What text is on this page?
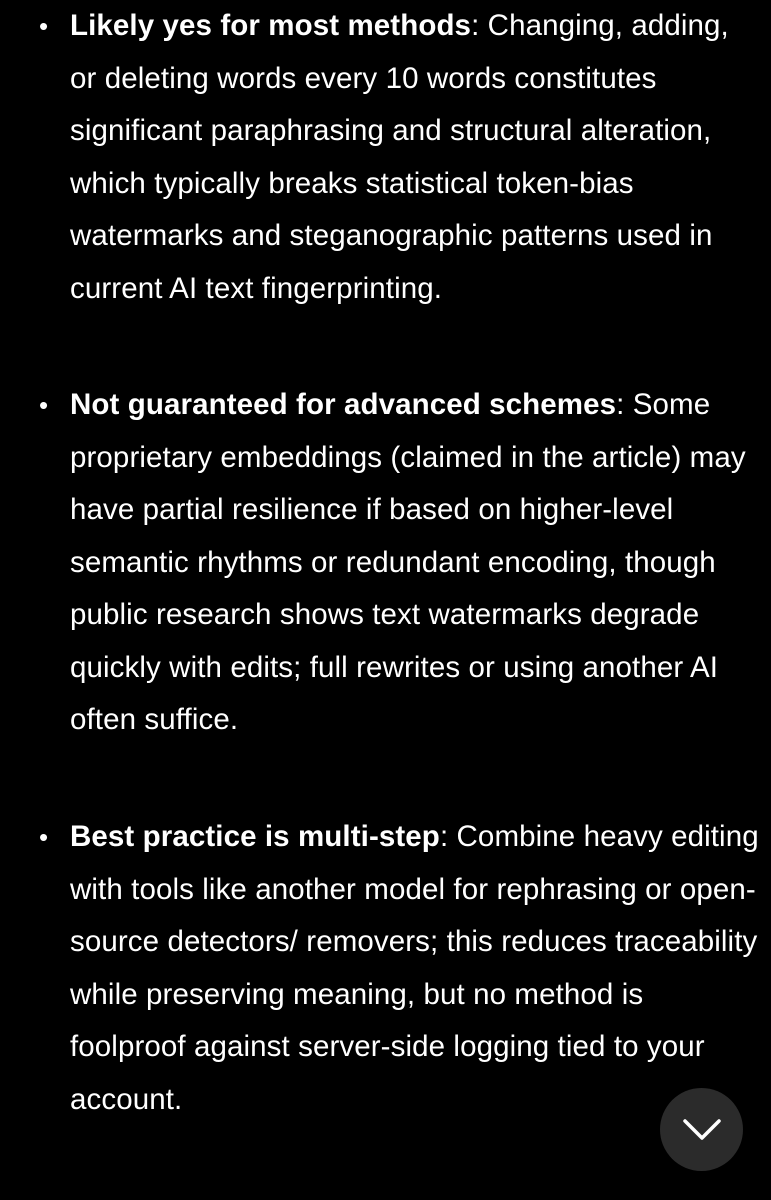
• Likely yes for most methods: Changing, adding, or deleting words every 10 words constitutes significant paraphrasing and structural alteration, which typically breaks statistical token-bias watermarks and steganographic patterns used in current AI text fingerprinting.
• Not guaranteed for advanced schemes: Some proprietary embeddings (claimed in the article) may have partial resilience if based on higher-level semantic rhythms or redundant encoding, though public research shows text watermarks degrade quickly with edits; full rewrites or using another AI often suffice.
• Best practice is multi-step: Combine heavy editing with tools like another model for rephrasing or open-source detectors/ removers; this reduces traceability while preserving meaning, but no method is foolproof against server-side logging tied to your account.
